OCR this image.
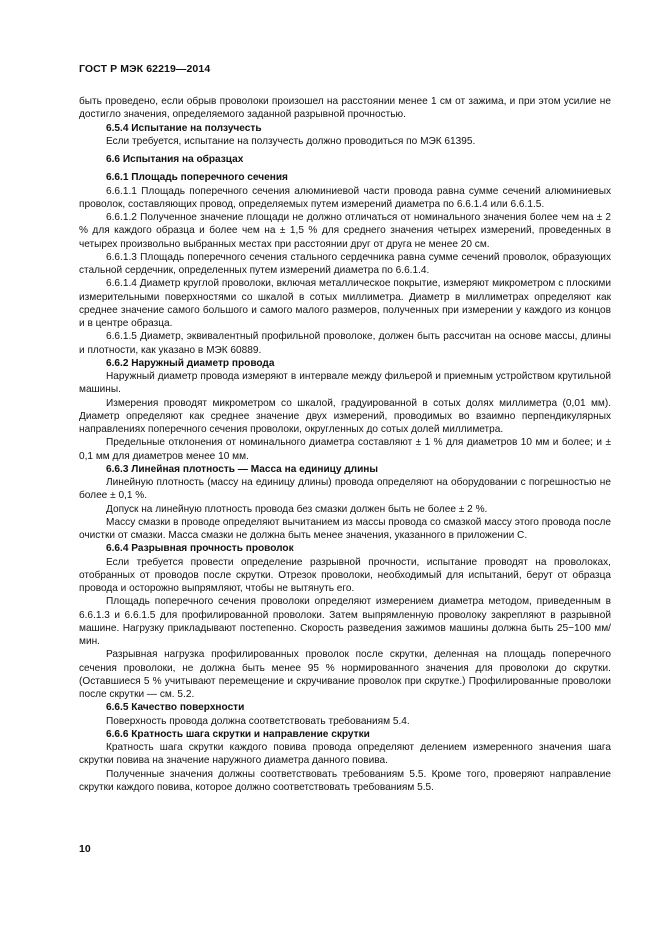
ГОСТ Р МЭК 62219—2014

быть проведено, если обрыв проволоки произошел на расстоянии менее 1 см от зажима, и при этом усилие не достигло значения, определяемого заданной разрывной прочностью.

6.5.4 Испытание на ползучесть

Если требуется, испытание на ползучесть должно проводиться по МЭК 61395.

6.6 Испытания на образцах

6.6.1 Площадь поперечного сечения

6.6.1.1 Площадь поперечного сечения алюминиевой части провода равна сумме сечений алюминиевых проволок, составляющих провод, определяемых путем измерений диаметра по 6.6.1.4 или 6.6.1.5.

6.6.1.2 Полученное значение площади не должно отличаться от номинального значения более чем на ± 2 % для каждого образца и более чем на ± 1,5 % для среднего значения четырех измерений, проведенных в четырех произвольно выбранных местах при расстоянии друг от друга не менее 20 см.

6.6.1.3 Площадь поперечного сечения стального сердечника равна сумме сечений проволок, образующих стальной сердечник, определенных путем измерений диаметра по 6.6.1.4.

6.6.1.4 Диаметр круглой проволоки, включая металлическое покрытие, измеряют микрометром с плоскими измерительными поверхностями со шкалой в сотых миллиметра. Диаметр в миллиметрах определяют как среднее значение самого большого и самого малого размеров, полученных при измерении у каждого из концов и в центре образца.

6.6.1.5 Диаметр, эквивалентный профильной проволоке, должен быть рассчитан на основе массы, длины и плотности, как указано в МЭК 60889.

6.6.2 Наружный диаметр провода

Наружный диаметр провода измеряют в интервале между фильерой и приемным устройством крутильной машины.

Измерения проводят микрометром со шкалой, градуированной в сотых долях миллиметра (0,01 мм). Диаметр определяют как среднее значение двух измерений, проводимых во взаимно перпендикулярных направлениях поперечного сечения проволоки, округленных до сотых долей миллиметра.

Предельные отклонения от номинального диаметра составляют ± 1 % для диаметров 10 мм и более; и ± 0,1 мм для диаметров менее 10 мм.

6.6.3 Линейная плотность — Масса на единицу длины

Линейную плотность (массу на единицу длины) провода определяют на оборудовании с погрешностью не более ± 0,1 %.

Допуск на линейную плотность провода без смазки должен быть не более ± 2 %.

Массу смазки в проводе определяют вычитанием из массы провода со смазкой массу этого провода после очистки от смазки. Масса смазки не должна быть менее значения, указанного в приложении С.

6.6.4 Разрывная прочность проволок

Если требуется провести определение разрывной прочности, испытание проводят на проволоках, отобранных от проводов после скрутки. Отрезок проволоки, необходимый для испытаний, берут от образца провода и осторожно выпрямляют, чтобы не вытянуть его.

Площадь поперечного сечения проволоки определяют измерением диаметра методом, приведенным в 6.6.1.3 и 6.6.1.5 для профилированной проволоки. Затем выпрямленную проволоку закрепляют в разрывной машине. Нагрузку прикладывают постепенно. Скорость разведения зажимов машины должна быть 25−100 мм/мин.

Разрывная нагрузка профилированных проволок после скрутки, деленная на площадь поперечного сечения проволоки, не должна быть менее 95 % нормированного значения для проволоки до скрутки. (Оставшиеся 5 % учитывают перемещение и скручивание проволок при скрутке.) Профилированные проволоки после скрутки — см. 5.2.

6.6.5 Качество поверхности

Поверхность провода должна соответствовать требованиям 5.4.

6.6.6 Кратность шага скрутки и направление скрутки

Кратность шага скрутки каждого повива провода определяют делением измеренного значения шага скрутки повива на значение наружного диаметра данного повива.

Полученные значения должны соответствовать требованиям 5.5. Кроме того, проверяют направление скрутки каждого повива, которое должно соответствовать требованиям 5.5.

10
